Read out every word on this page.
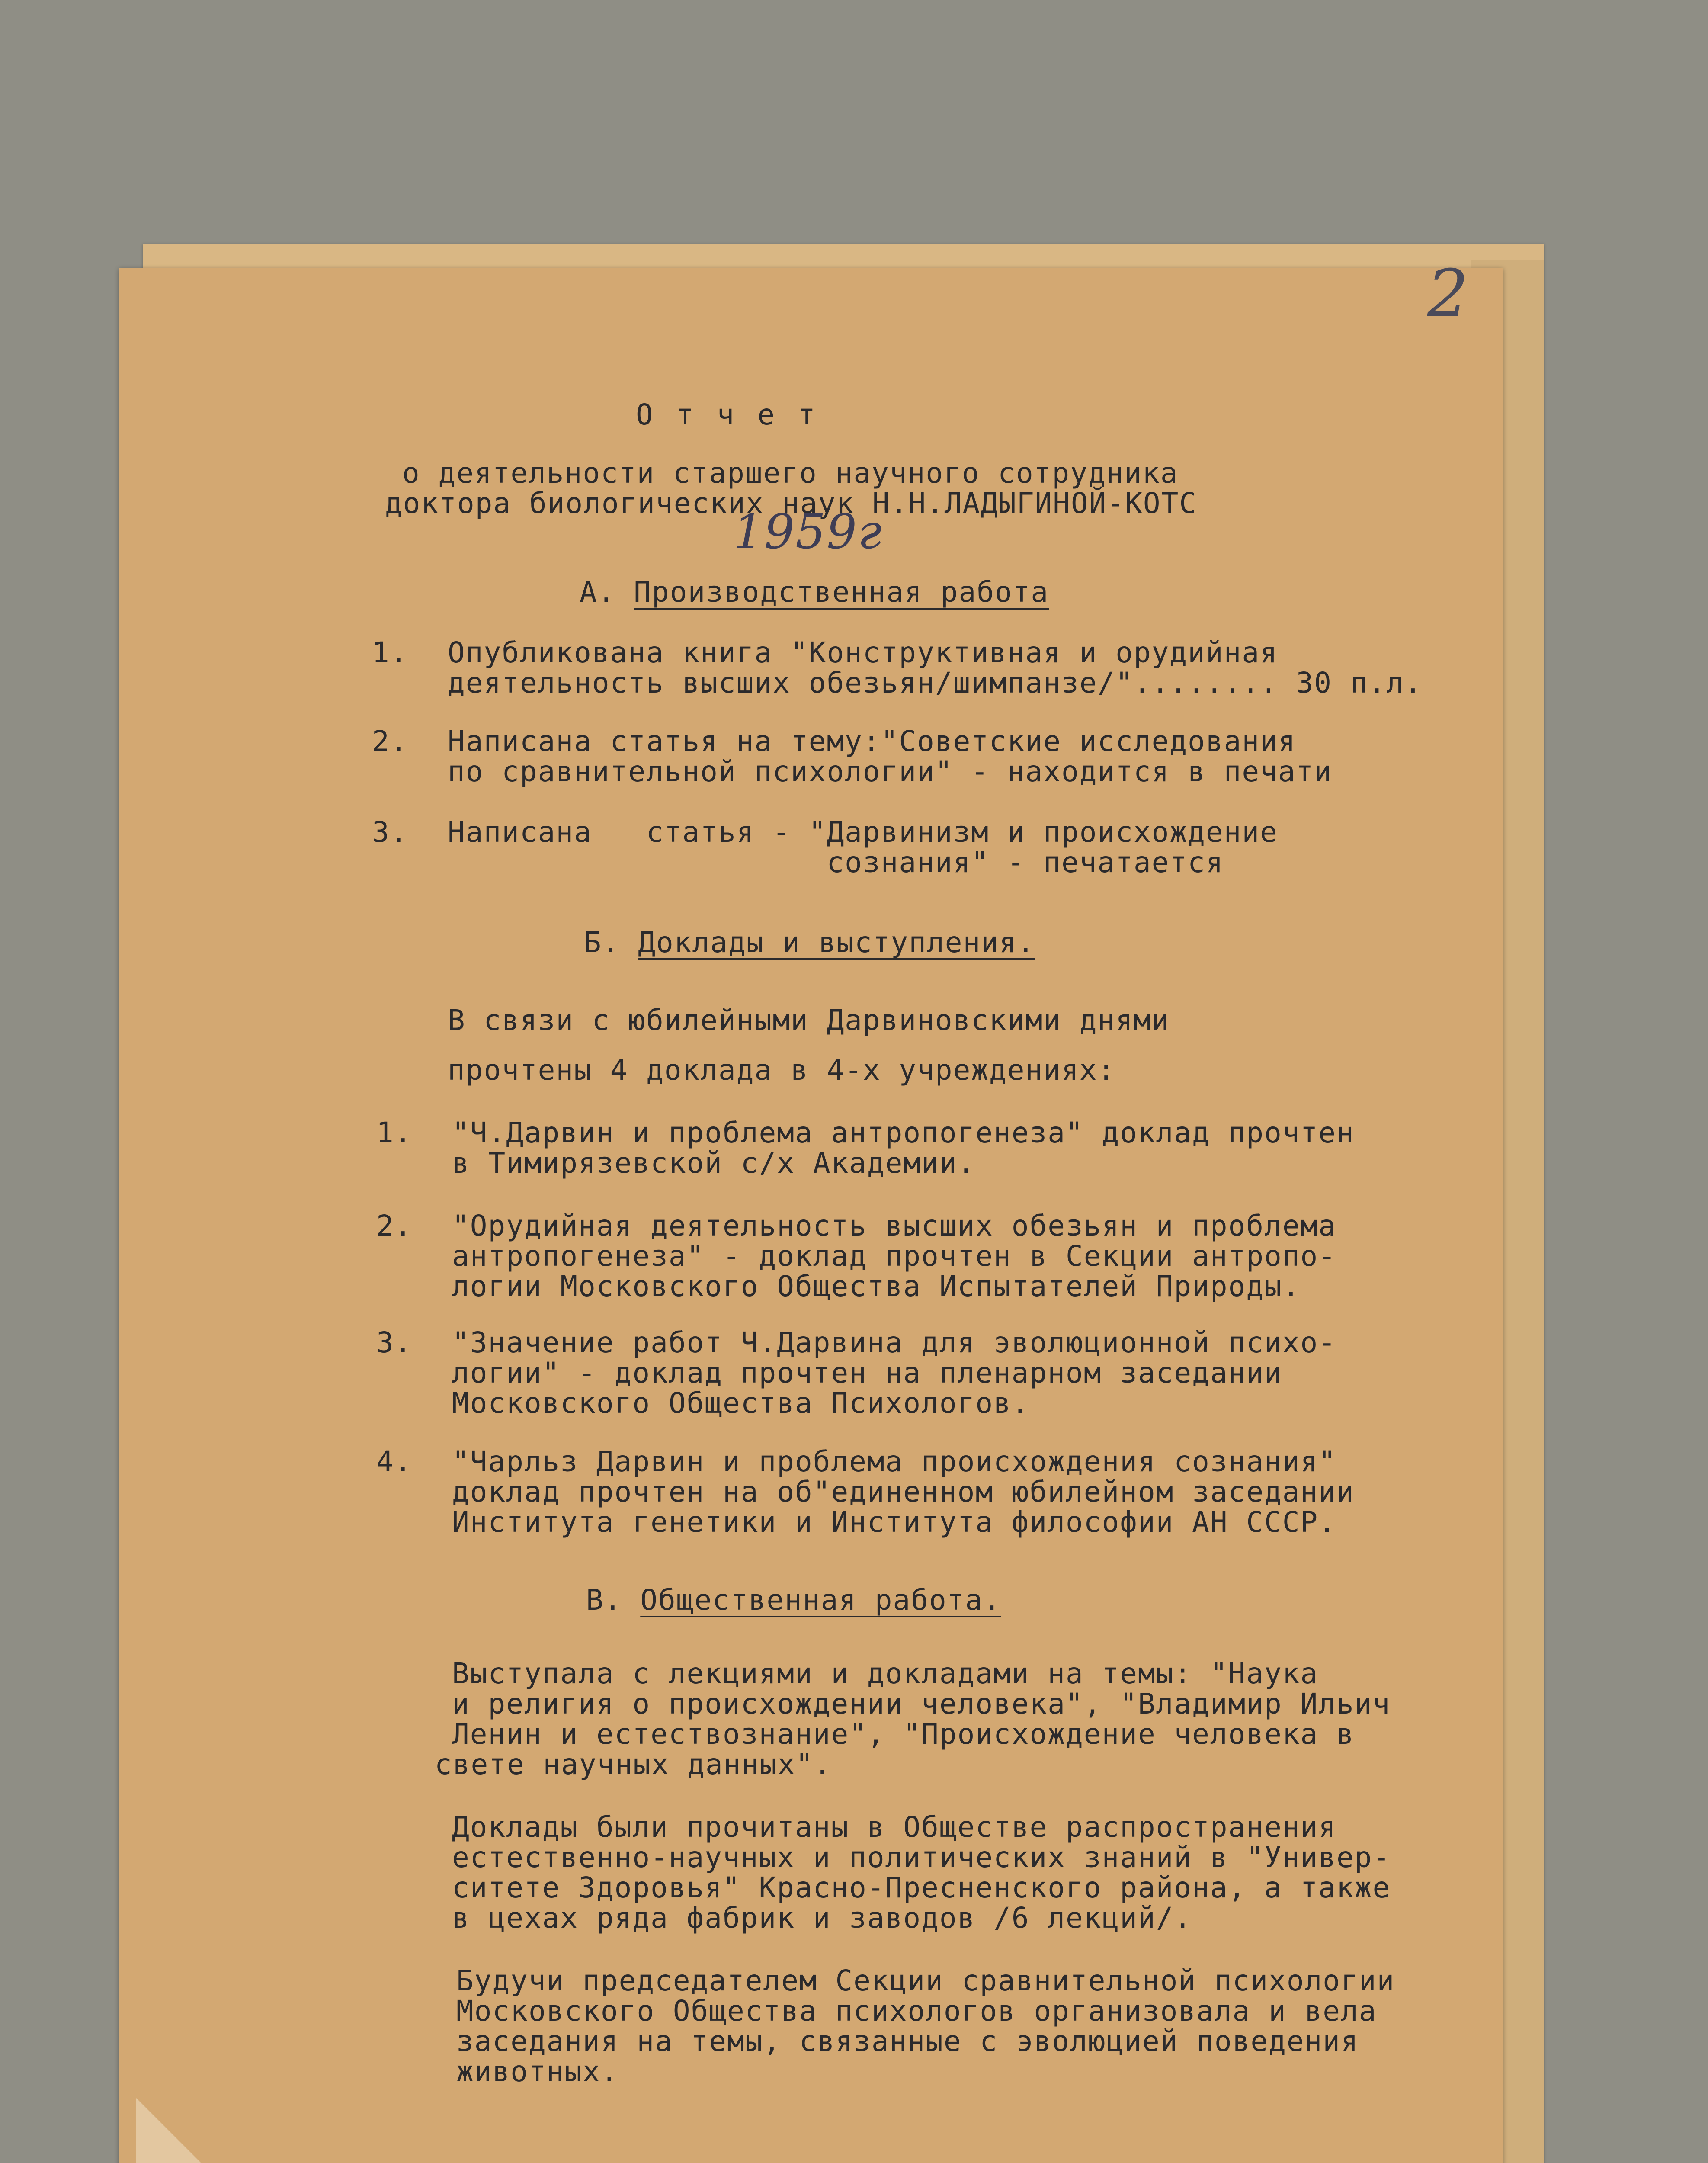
2
Отчет
о деятельности старшего научного сотрудника
доктора биологических наук Н.Н.ЛАДЫГИНОЙ-КОТС
1959г
А. Производственная работа
1. Опубликована книга "Конструктивная и орудийная
деятельность высших обезьян/шимпанзе/"........ 30 п.л.
2. Написана статья на тему:"Советские исследования
по сравнительной психологии" - находится в печати
3. Написана   статья - "Дарвинизм и происхождение
сознания" - печатается
Б. Доклады и выступления.
В связи с юбилейными Дарвиновскими днями
прочтены 4 доклада в 4-х учреждениях:
1. "Ч.Дарвин и проблема антропогенеза" доклад прочтен
в Тимирязевской с/х Академии.
2. "Орудийная деятельность высших обезьян и проблема
антропогенеза" - доклад прочтен в Секции антропо-
логии Московского Общества Испытателей Природы.
3. "Значение работ Ч.Дарвина для эволюционной психо-
логии" - доклад прочтен на пленарном заседании
Московского Общества Психологов.
4. "Чарльз Дарвин и проблема происхождения сознания"
доклад прочтен на об"единенном юбилейном заседании
Института генетики и Института философии АН СССР.
В. Общественная работа.
Выступала с лекциями и докладами на темы: "Наука
и религия о происхождении человека", "Владимир Ильич
Ленин и естествознание", "Происхождение человека в
свете научных данных".
Доклады были прочитаны в Обществе распространения
естественно-научных и политических знаний в "Универ-
ситете Здоровья" Красно-Пресненского района, а также
в цехах ряда фабрик и заводов /6 лекций/.
Будучи председателем Секции сравнительной психологии
Московского Общества психологов организовала и вела
заседания на темы, связанные с эволюцией поведения
животных.
